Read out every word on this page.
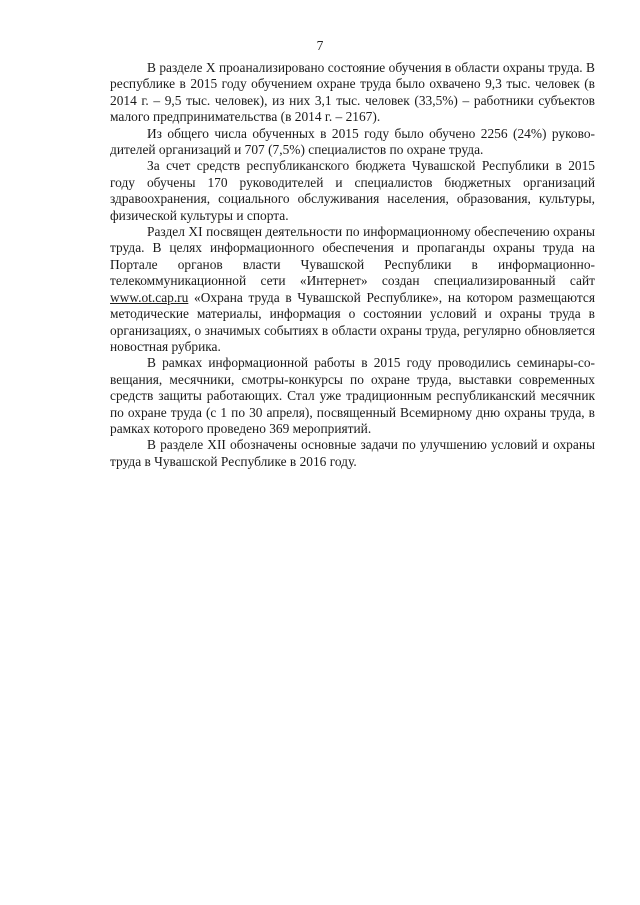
7

В разделе X проанализировано состояние обучения в области охраны труда. В республике в 2015 году обучением охране труда было охвачено 9,3 тыс. человек (в 2014 г. – 9,5 тыс. человек), из них 3,1 тыс. человек (33,5%) – работники субъектов малого предпринимательства (в 2014 г. – 2167).

Из общего числа обученных в 2015 году было обучено 2256 (24%) руководителей организаций и 707 (7,5%) специалистов по охране труда.

За счет средств республиканского бюджета Чувашской Республики в 2015 году обучены 170 руководителей и специалистов бюджетных организаций здравоохранения, социального обслуживания населения, образования, культуры, физической культуры и спорта.

Раздел XI посвящен деятельности по информационному обеспечению охраны труда. В целях информационного обеспечения и пропаганды охраны труда на Портале органов власти Чувашской Республики в информационно-телекоммуникационной сети «Интернет» создан специализированный сайт www.ot.cap.ru «Охрана труда в Чувашской Республике», на котором размещаются методические материалы, информация о состоянии условий и охраны труда в организациях, о значимых событиях в области охраны труда, регулярно обновляется новостная рубрика.

В рамках информационной работы в 2015 году проводились семинары-совещания, месячники, смотры-конкурсы по охране труда, выставки современных средств защиты работающих. Стал уже традиционным республиканский месячник по охране труда (с 1 по 30 апреля), посвященный Всемирному дню охраны труда, в рамках которого проведено 369 мероприятий.

В разделе XII обозначены основные задачи по улучшению условий и охраны труда в Чувашской Республике в 2016 году.
